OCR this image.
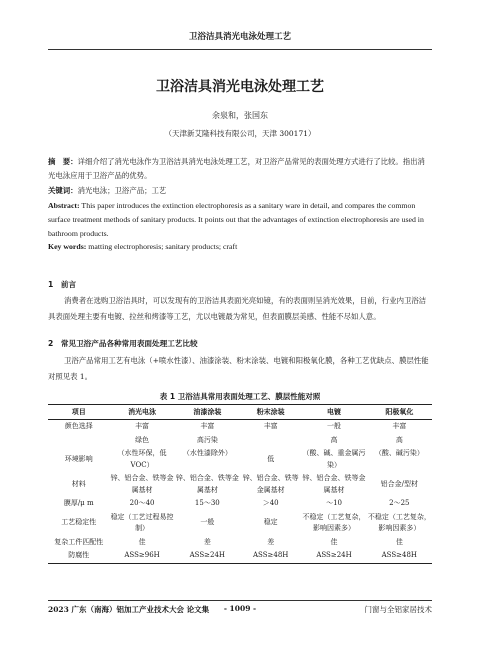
卫浴洁具消光电泳处理工艺
卫浴洁具消光电泳处理工艺
余泉和，张国东
（天津新艾隆科技有限公司，天津 300171）
摘　要：详细介绍了消光电泳作为卫浴洁具消光电泳处理工艺，对卫浴产品常见的表面处理方式进行了比较。指出消光电泳应用于卫浴产品的优势。
关键词：消光电泳；卫浴产品；工艺
Abstract: This paper introduces the extinction electrophoresis as a sanitary ware in detail, and compares the common surface treatment methods of sanitary products. It points out that the advantages of extinction electrophoresis are used in bathroom products.
Key words: matting electrophoresis; sanitary products; craft
1　前言
消费者在选购卫浴洁具时，可以发现有的卫浴洁具表面光亮如镜，有的表面则呈消光效果，目前，行业内卫浴洁具表面处理主要有电镀、拉丝和烤漆等工艺，尤以电镀最为常见，但表面膜层美感、性能不尽如人意。
2　常见卫浴产品各种常用表面处理工艺比较
卫浴产品常用工艺有电泳（+喷水性漆）、油漆涂装、粉末涂装、电镀和阳极氧化膜，各种工艺优缺点、膜层性能对照见表 1。
表 1 卫浴洁具常用表面处理工艺、膜层性能对照
项目	消光电泳	油漆涂装	粉末涂装	电镀	阳极氧化
颜色选择	丰富	丰富	丰富	一般	丰富
	绿色	高污染		高	高
环境影响	（水性环保，低 VOC）	（水性漆除外）	低	（酸、碱、重金属污染）	（酸、碱污染）
材料	锌、铝合金、铁等金属基材	锌、铝合金、铁等金属基材	锌、铝合金、铁等金属基材	锌、铝合金、铁等金属基材	铝合金/型材
膜厚/μ m	20～40	15～30	＞40	～10	2～25
工艺稳定性	稳定（工艺过程易控制）	一般	稳定	不稳定（工艺复杂，影响因素多）	不稳定（工艺复杂，影响因素多）
复杂工件匹配性	佳	差	差	佳	佳
防腐性	ASS≥96H	ASS≥24H	ASS≥48H	ASS≥24H	ASS≥48H
2023 广东（南海）铝加工产业技术大会 论文集	- 1009 -	门窗与全铝家居技术
